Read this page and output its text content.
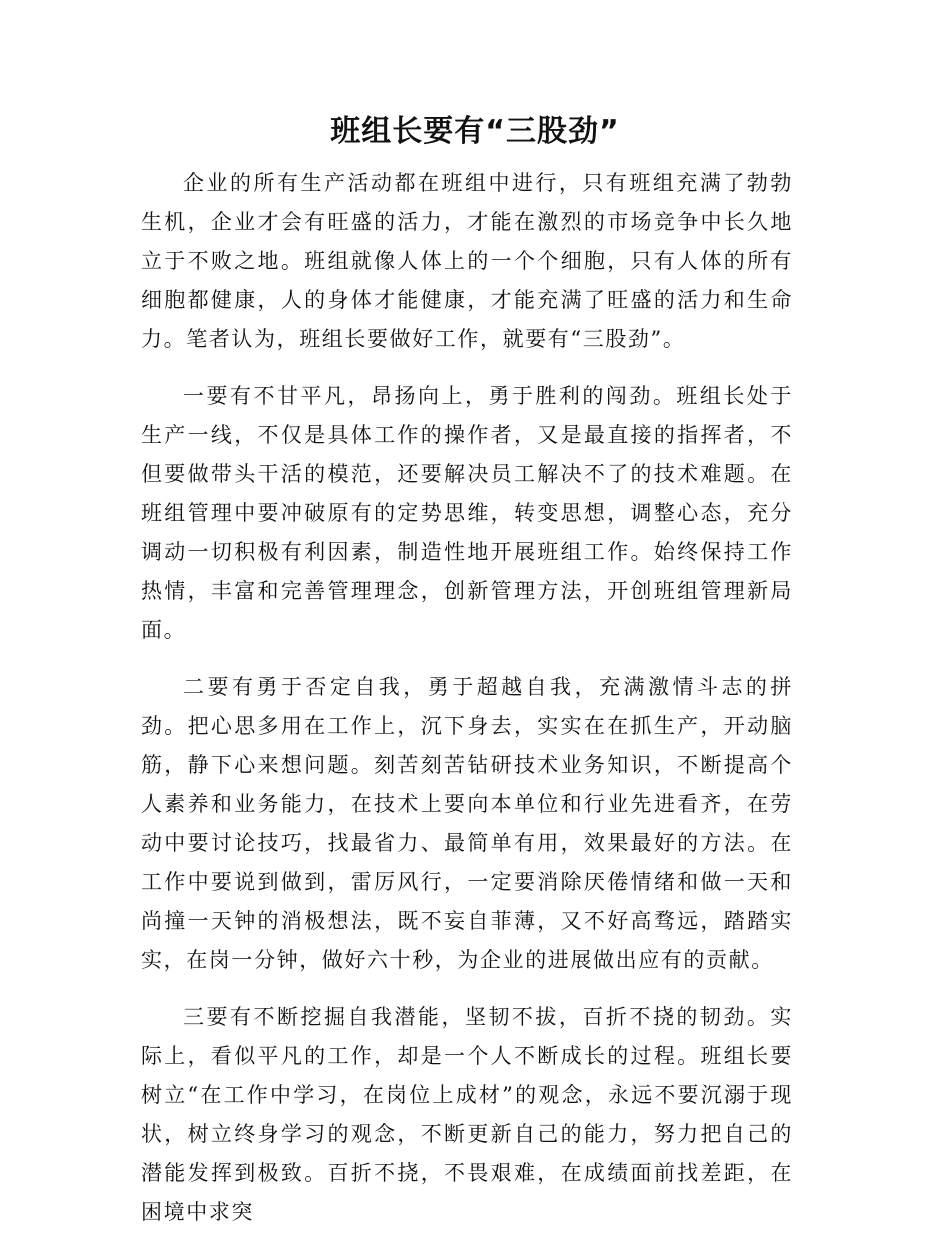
班组长要有“三股劲”

企业的所有生产活动都在班组中进行，只有班组充满了勃勃生机，企业才会有旺盛的活力，才能在激烈的市场竞争中长久地立于不败之地。班组就像人体上的一个个细胞，只有人体的所有细胞都健康，人的身体才能健康，才能充满了旺盛的活力和生命力。笔者认为，班组长要做好工作，就要有“三股劲”。

一要有不甘平凡，昂扬向上，勇于胜利的闯劲。班组长处于生产一线，不仅是具体工作的操作者，又是最直接的指挥者，不但要做带头干活的模范，还要解决员工解决不了的技术难题。在班组管理中要冲破原有的定势思维，转变思想，调整心态，充分调动一切积极有利因素，制造性地开展班组工作。始终保持工作热情，丰富和完善管理理念，创新管理方法，开创班组管理新局面。

二要有勇于否定自我，勇于超越自我，充满激情斗志的拼劲。把心思多用在工作上，沉下身去，实实在在抓生产，开动脑筋，静下心来想问题。刻苦刻苦钻研技术业务知识，不断提高个人素养和业务能力，在技术上要向本单位和行业先进看齐，在劳动中要讨论技巧，找最省力、最简单有用，效果最好的方法。在工作中要说到做到，雷厉风行，一定要消除厌倦情绪和做一天和尚撞一天钟的消极想法，既不妄自菲薄，又不好高骛远，踏踏实实，在岗一分钟，做好六十秒，为企业的进展做出应有的贡献。

三要有不断挖掘自我潜能，坚韧不拔，百折不挠的韧劲。实际上，看似平凡的工作，却是一个人不断成长的过程。班组长要树立“在工作中学习，在岗位上成材”的观念，永远不要沉溺于现状，树立终身学习的观念，不断更新自己的能力，努力把自己的潜能发挥到极致。百折不挠，不畏艰难，在成绩面前找差距，在困境中求突
